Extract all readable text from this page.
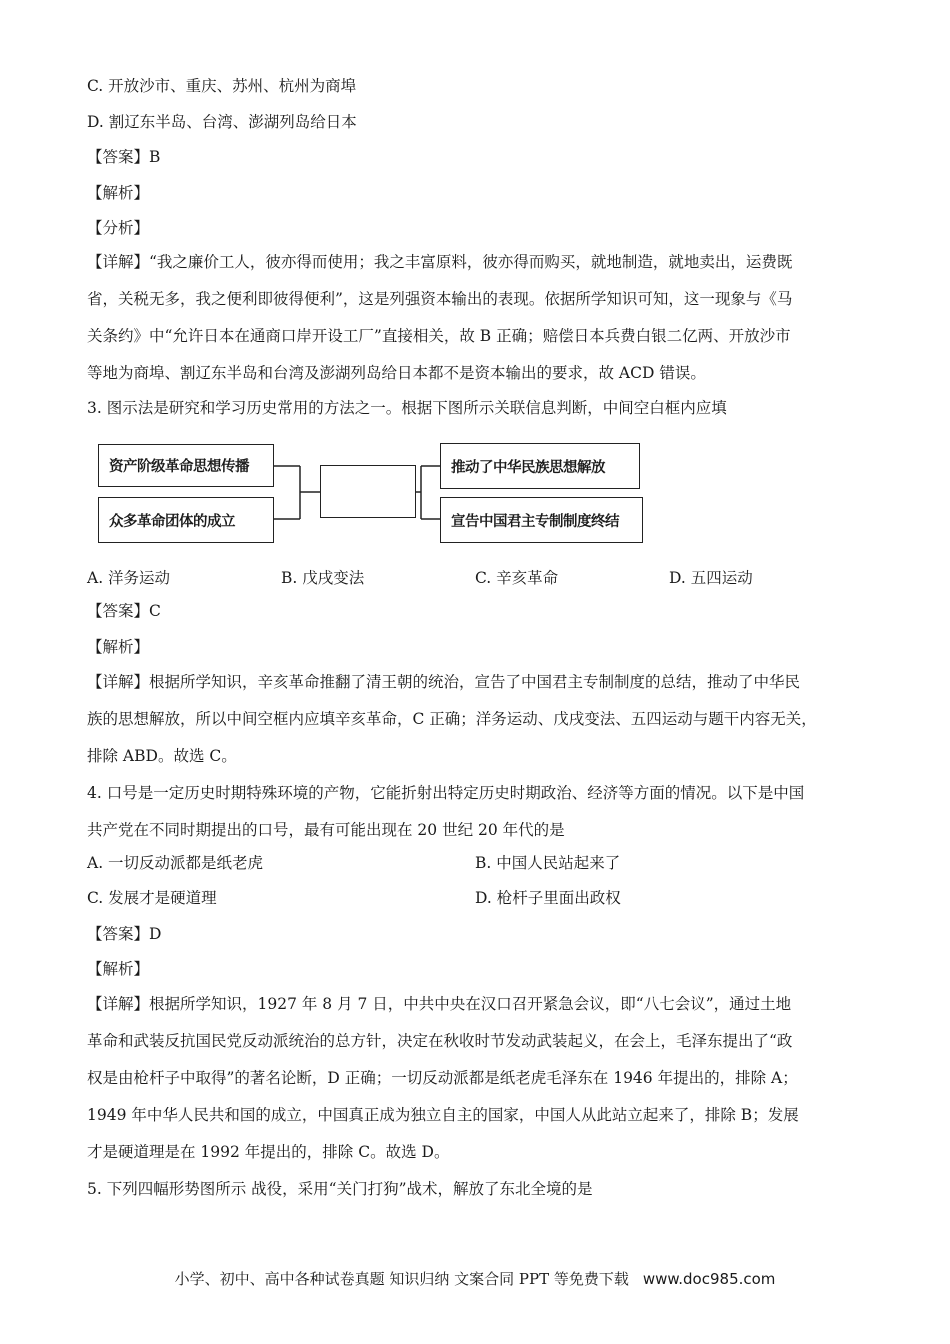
C. 开放沙市、重庆、苏州、杭州为商埠
D. 割辽东半岛、台湾、澎湖列岛给日本
【答案】B
【解析】
【分析】
【详解】“我之廉价工人，彼亦得而使用；我之丰富原料，彼亦得而购买，就地制造，就地卖出，运费既
省，关税无多，我之便利即彼得便利”，这是列强资本输出的表现。依据所学知识可知，这一现象与《马
关条约》中“允许日本在通商口岸开设工厂”直接相关，故 B 正确；赔偿日本兵费白银二亿两、开放沙市
等地为商埠、割辽东半岛和台湾及澎湖列岛给日本都不是资本输出的要求，故 ACD 错误。
3. 图示法是研究和学习历史常用的方法之一。根据下图所示关联信息判断，中间空白框内应填
资产阶级革命思想传播
众多革命团体的成立
推动了中华民族思想解放
宣告中国君主专制制度终结
A. 洋务运动	B. 戊戌变法	C. 辛亥革命	D. 五四运动
【答案】C
【解析】
【详解】根据所学知识，辛亥革命推翻了清王朝的统治，宣告了中国君主专制制度的总结，推动了中华民
族的思想解放，所以中间空框内应填辛亥革命，C 正确；洋务运动、戊戌变法、五四运动与题干内容无关，
排除 ABD。故选 C。
4. 口号是一定历史时期特殊环境的产物，它能折射出特定历史时期政治、经济等方面的情况。以下是中国
共产党在不同时期提出的口号，最有可能出现在 20 世纪 20 年代的是
A. 一切反动派都是纸老虎	B. 中国人民站起来了
C. 发展才是硬道理	D. 枪杆子里面出政权
【答案】D
【解析】
【详解】根据所学知识，1927 年 8 月 7 日，中共中央在汉口召开紧急会议，即“八七会议”，通过土地
革命和武装反抗国民党反动派统治的总方针，决定在秋收时节发动武装起义，在会上，毛泽东提出了“政
权是由枪杆子中取得”的著名论断，D 正确；一切反动派都是纸老虎毛泽东在 1946 年提出的，排除 A；
1949 年中华人民共和国的成立，中国真正成为独立自主的国家，中国人从此站立起来了，排除 B；发展
才是硬道理是在 1992 年提出的，排除 C。故选 D。
5. 下列四幅形势图所示 战役，采用“关门打狗”战术，解放了东北全境的是
小学、初中、高中各种试卷真题 知识归纳 文案合同 PPT 等免费下载 www.doc985.com
